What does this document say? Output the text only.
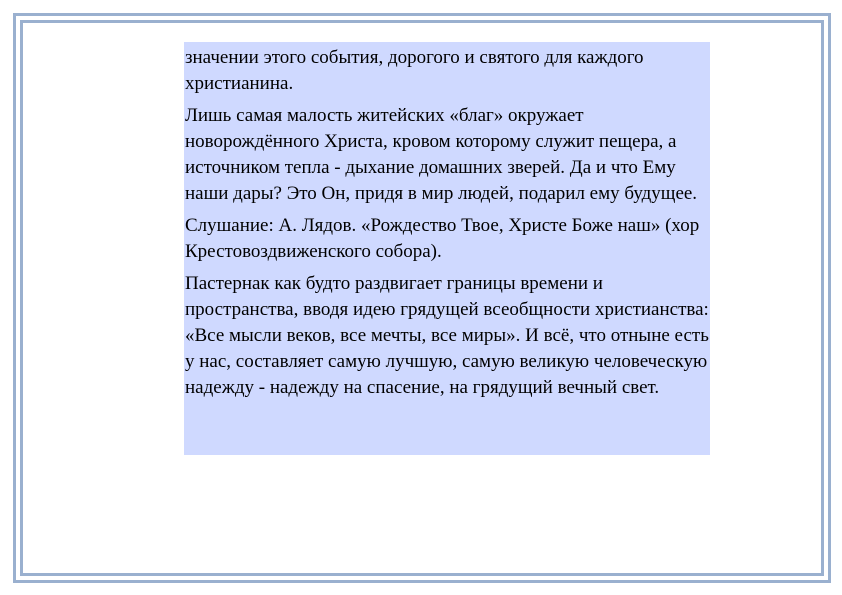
значении этого события, дорогого и святого для каждого христианина.

Лишь самая малость житейских «благ» окружает новорождённого Христа, кровом которому служит пещера, а источником тепла - дыхание домашних зверей. Да и что Ему наши дары? Это Он, придя в мир людей, подарил ему будущее.

Слушание: А. Лядов. «Рождество Твое, Христе Боже наш» (хор Крестовоздвиженского собора).

Пастернак как будто раздвигает границы времени и пространства, вводя идею грядущей всеобщности христианства: «Все мысли веков, все мечты, все миры». И всё, что отныне есть у нас, составляет самую лучшую, самую великую человеческую надежду - надежду на спасение, на грядущий вечный свет.
